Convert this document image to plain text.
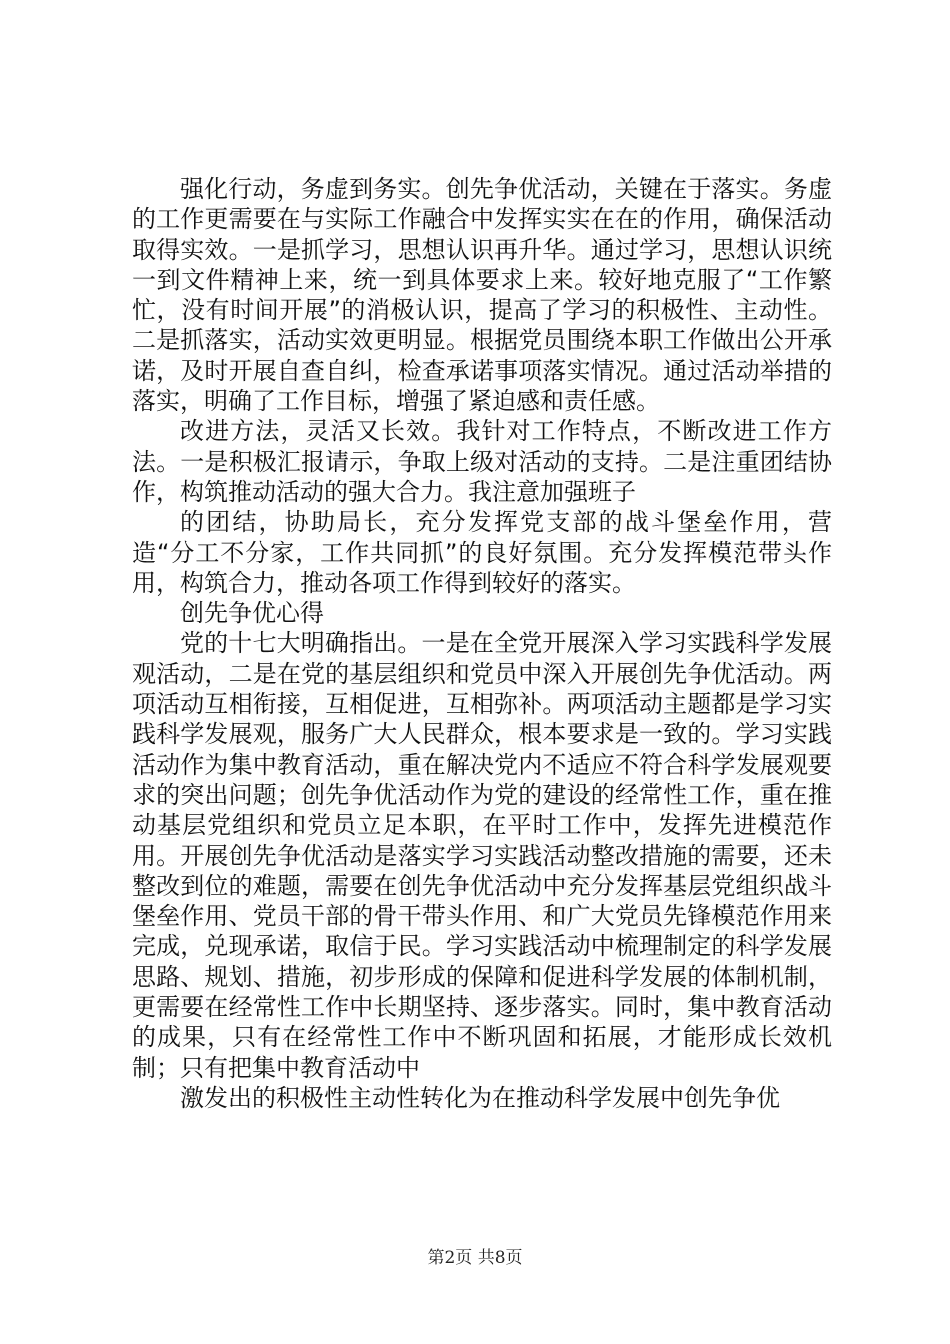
强化行动，务虚到务实。创先争优活动，关键在于落实。务虚的工作更需要在与实际工作融合中发挥实实在在的作用，确保活动取得实效。一是抓学习，思想认识再升华。通过学习，思想认识统一到文件精神上来，统一到具体要求上来。较好地克服了“工作繁忙，没有时间开展”的消极认识，提高了学习的积极性、主动性。二是抓落实，活动实效更明显。根据党员围绕本职工作做出公开承诺，及时开展自查自纠，检查承诺事项落实情况。通过活动举措的落实，明确了工作目标，增强了紧迫感和责任感。

改进方法，灵活又长效。我针对工作特点，不断改进工作方法。一是积极汇报请示，争取上级对活动的支持。二是注重团结协作，构筑推动活动的强大合力。我注意加强班子

的团结，协助局长，充分发挥党支部的战斗堡垒作用，营造“分工不分家，工作共同抓”的良好氛围。充分发挥模范带头作用，构筑合力，推动各项工作得到较好的落实。

创先争优心得

党的十七大明确指出。一是在全党开展深入学习实践科学发展观活动，二是在党的基层组织和党员中深入开展创先争优活动。两项活动互相衔接，互相促进，互相弥补。两项活动主题都是学习实践科学发展观，服务广大人民群众，根本要求是一致的。学习实践活动作为集中教育活动，重在解决党内不适应不符合科学发展观要求的突出问题；创先争优活动作为党的建设的经常性工作，重在推动基层党组织和党员立足本职，在平时工作中，发挥先进模范作用。开展创先争优活动是落实学习实践活动整改措施的需要，还未整改到位的难题，需要在创先争优活动中充分发挥基层党组织战斗堡垒作用、党员干部的骨干带头作用、和广大党员先锋模范作用来完成，兑现承诺，取信于民。学习实践活动中梳理制定的科学发展思路、规划、措施，初步形成的保障和促进科学发展的体制机制，更需要在经常性工作中长期坚持、逐步落实。同时，集中教育活动的成果，只有在经常性工作中不断巩固和拓展，才能形成长效机制；只有把集中教育活动中

激发出的积极性主动性转化为在推动科学发展中创先争优

第2页 共8页
